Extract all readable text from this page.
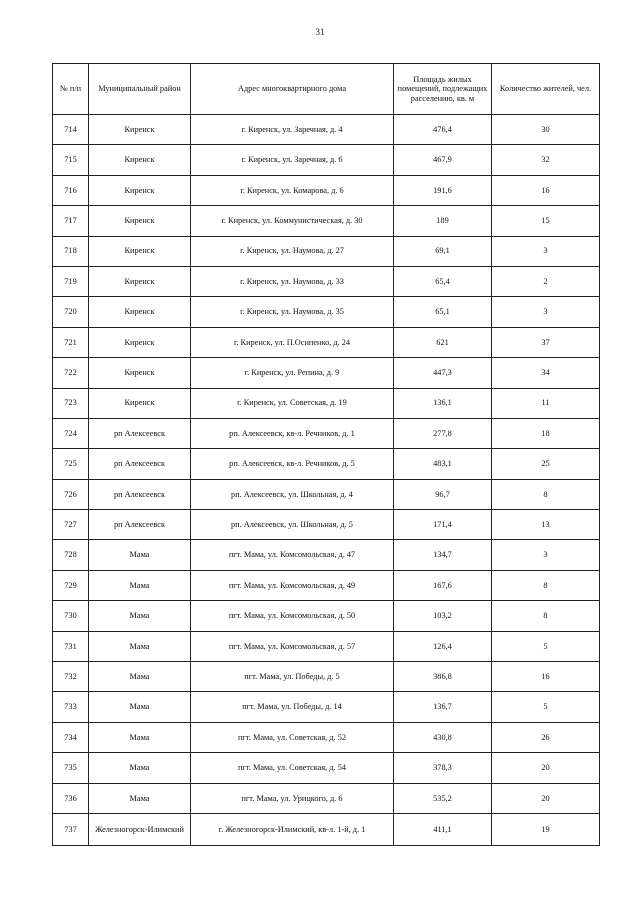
31
№ п/п	Муниципальный район	Адрес многоквартирного дома	Площадь жилых помещений, подлежащих расселению, кв. м	Количество жителей, чел.
714	Киренск	г. Киренск, ул. Заречная, д. 4	476,4	30
715	Киренск	г. Киренск, ул. Заречная, д. 6	467,9	32
716	Киренск	г. Киренск, ул. Комарова, д. 6	191,6	16
717	Киренск	г. Киренск, ул. Коммунистическая, д. 30	189	15
718	Киренск	г. Киренск, ул. Наумова, д. 27	69,1	3
719	Киренск	г. Киренск, ул. Наумова, д. 33	65,4	2
720	Киренск	г. Киренск, ул. Наумова, д. 35	65,1	3
721	Киренск	г. Киренск, ул. П.Осипенко, д. 24	621	37
722	Киренск	г. Киренск, ул. Репина, д. 9	447,3	34
723	Киренск	г. Киренск, ул. Советская, д. 19	136,1	11
724	рп Алексеевск	рп. Алексеевск, кв-л. Речников, д. 1	277,8	18
725	рп Алексеевск	рп. Алексеевск, кв-л. Речников, д. 5	483,1	25
726	рп Алексеевск	рп. Алексеевск, ул. Школьная, д. 4	96,7	8
727	рп Алексеевск	рп. Алексеевск, ул. Школьная, д. 5	171,4	13
728	Мама	пгт. Мама, ул. Комсомольская, д. 47	134,7	3
729	Мама	пгт. Мама, ул. Комсомольская, д. 49	167,6	8
730	Мама	пгт. Мама, ул. Комсомольская, д. 50	103,2	8
731	Мама	пгт. Мама, ул. Комсомольская, д. 57	126,4	5
732	Мама	пгт. Мама, ул. Победы, д. 5	386,8	16
733	Мама	пгт. Мама, ул. Победы, д. 14	136,7	5
734	Мама	пгт. Мама, ул. Советская, д. 52	430,8	26
735	Мама	пгт. Мама, ул. Советская, д. 54	378,3	20
736	Мама	пгт. Мама, ул. Урицкого, д. 6	535,2	20
737	Железногорск-Илимский	г. Железногорск-Илимский, кв-л. 1-й, д. 1	411,1	19
